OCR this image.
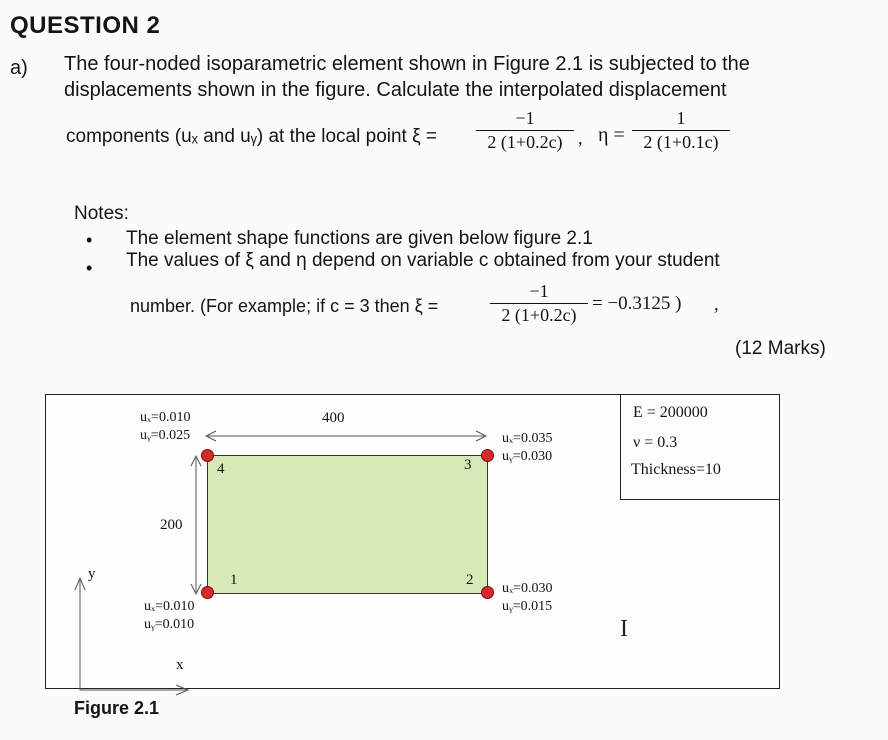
QUESTION 2
a) The four-noded isoparametric element shown in Figure 2.1 is subjected to the
displacements shown in the figure. Calculate the interpolated displacement
components (uₓ and uᵧ) at the local point ξ =
−1
2 (1+0.2c) , η =
1
2 (1+0.1c)
Notes:
• The element shape functions are given below figure 2.1
• The values of ξ and η depend on variable c obtained from your student
number. (For example; if c = 3 then ξ =
−1
2 (1+0.2c)
= −0.3125 ) ,
(12 Marks)
E = 200000
ν = 0.3
Thickness=10
400
200
y
x
1	2
3
4
uₓ=0.010
uᵧ=0.025	uₓ=0.035
uᵧ=0.030
uₓ=0.010
uᵧ=0.010
uₓ=0.030
uᵧ=0.015
I
Figure 2.1
